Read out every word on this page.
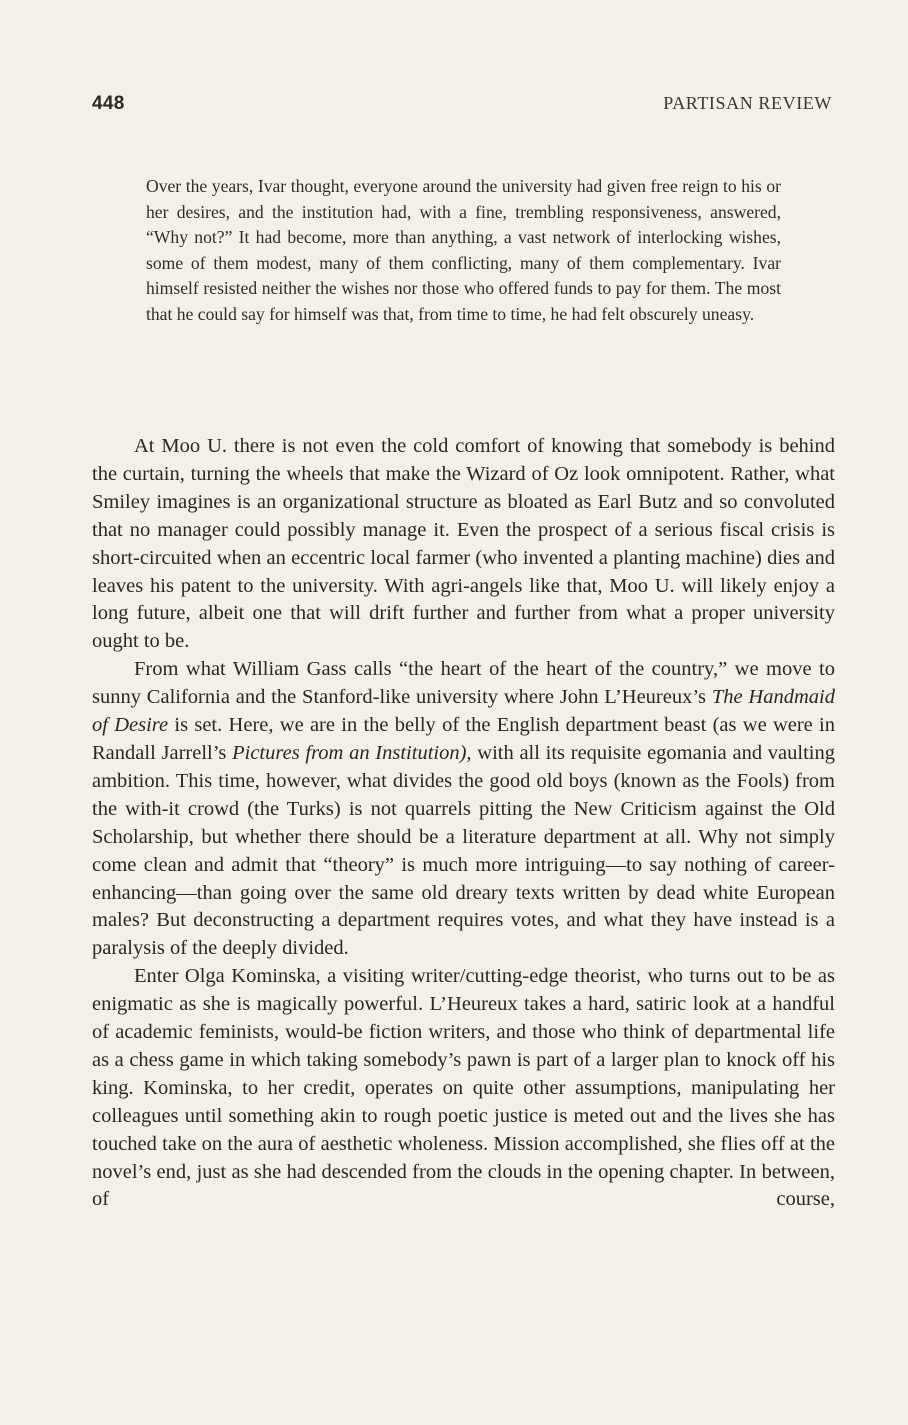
448	PARTISAN REVIEW

Over the years, Ivar thought, everyone around the university had given free reign to his or her desires, and the institution had, with a fine, trembling responsiveness, answered, “Why not?” It had become, more than anything, a vast network of interlocking wishes, some of them modest, many of them conflicting, many of them complementary. Ivar himself resisted neither the wishes nor those who offered funds to pay for them. The most that he could say for himself was that, from time to time, he had felt obscurely uneasy.

At Moo U. there is not even the cold comfort of knowing that somebody is behind the curtain, turning the wheels that make the Wizard of Oz look omnipotent. Rather, what Smiley imagines is an organizational structure as bloated as Earl Butz and so convoluted that no manager could possibly manage it. Even the prospect of a serious fiscal crisis is short-circuited when an eccentric local farmer (who invented a planting machine) dies and leaves his patent to the university. With agri-angels like that, Moo U. will likely enjoy a long future, albeit one that will drift further and further from what a proper university ought to be.

From what William Gass calls “the heart of the heart of the country,” we move to sunny California and the Stanford-like university where John L’Heureux’s The Handmaid of Desire is set. Here, we are in the belly of the English department beast (as we were in Randall Jarrell’s Pictures from an Institution), with all its requisite egomania and vaulting ambition. This time, however, what divides the good old boys (known as the Fools) from the with-it crowd (the Turks) is not quarrels pitting the New Criticism against the Old Scholarship, but whether there should be a literature department at all. Why not simply come clean and admit that “theory” is much more intriguing—to say nothing of career-enhancing—than going over the same old dreary texts written by dead white European males? But deconstructing a department requires votes, and what they have instead is a paralysis of the deeply divided.

Enter Olga Kominska, a visiting writer/cutting-edge theorist, who turns out to be as enigmatic as she is magically powerful. L’Heureux takes a hard, satiric look at a handful of academic feminists, would-be fiction writers, and those who think of departmental life as a chess game in which taking somebody’s pawn is part of a larger plan to knock off his king. Kominska, to her credit, operates on quite other assumptions, manipulating her colleagues until something akin to rough poetic justice is meted out and the lives she has touched take on the aura of aesthetic wholeness. Mission accomplished, she flies off at the novel’s end, just as she had descended from the clouds in the opening chapter. In between, of course,
